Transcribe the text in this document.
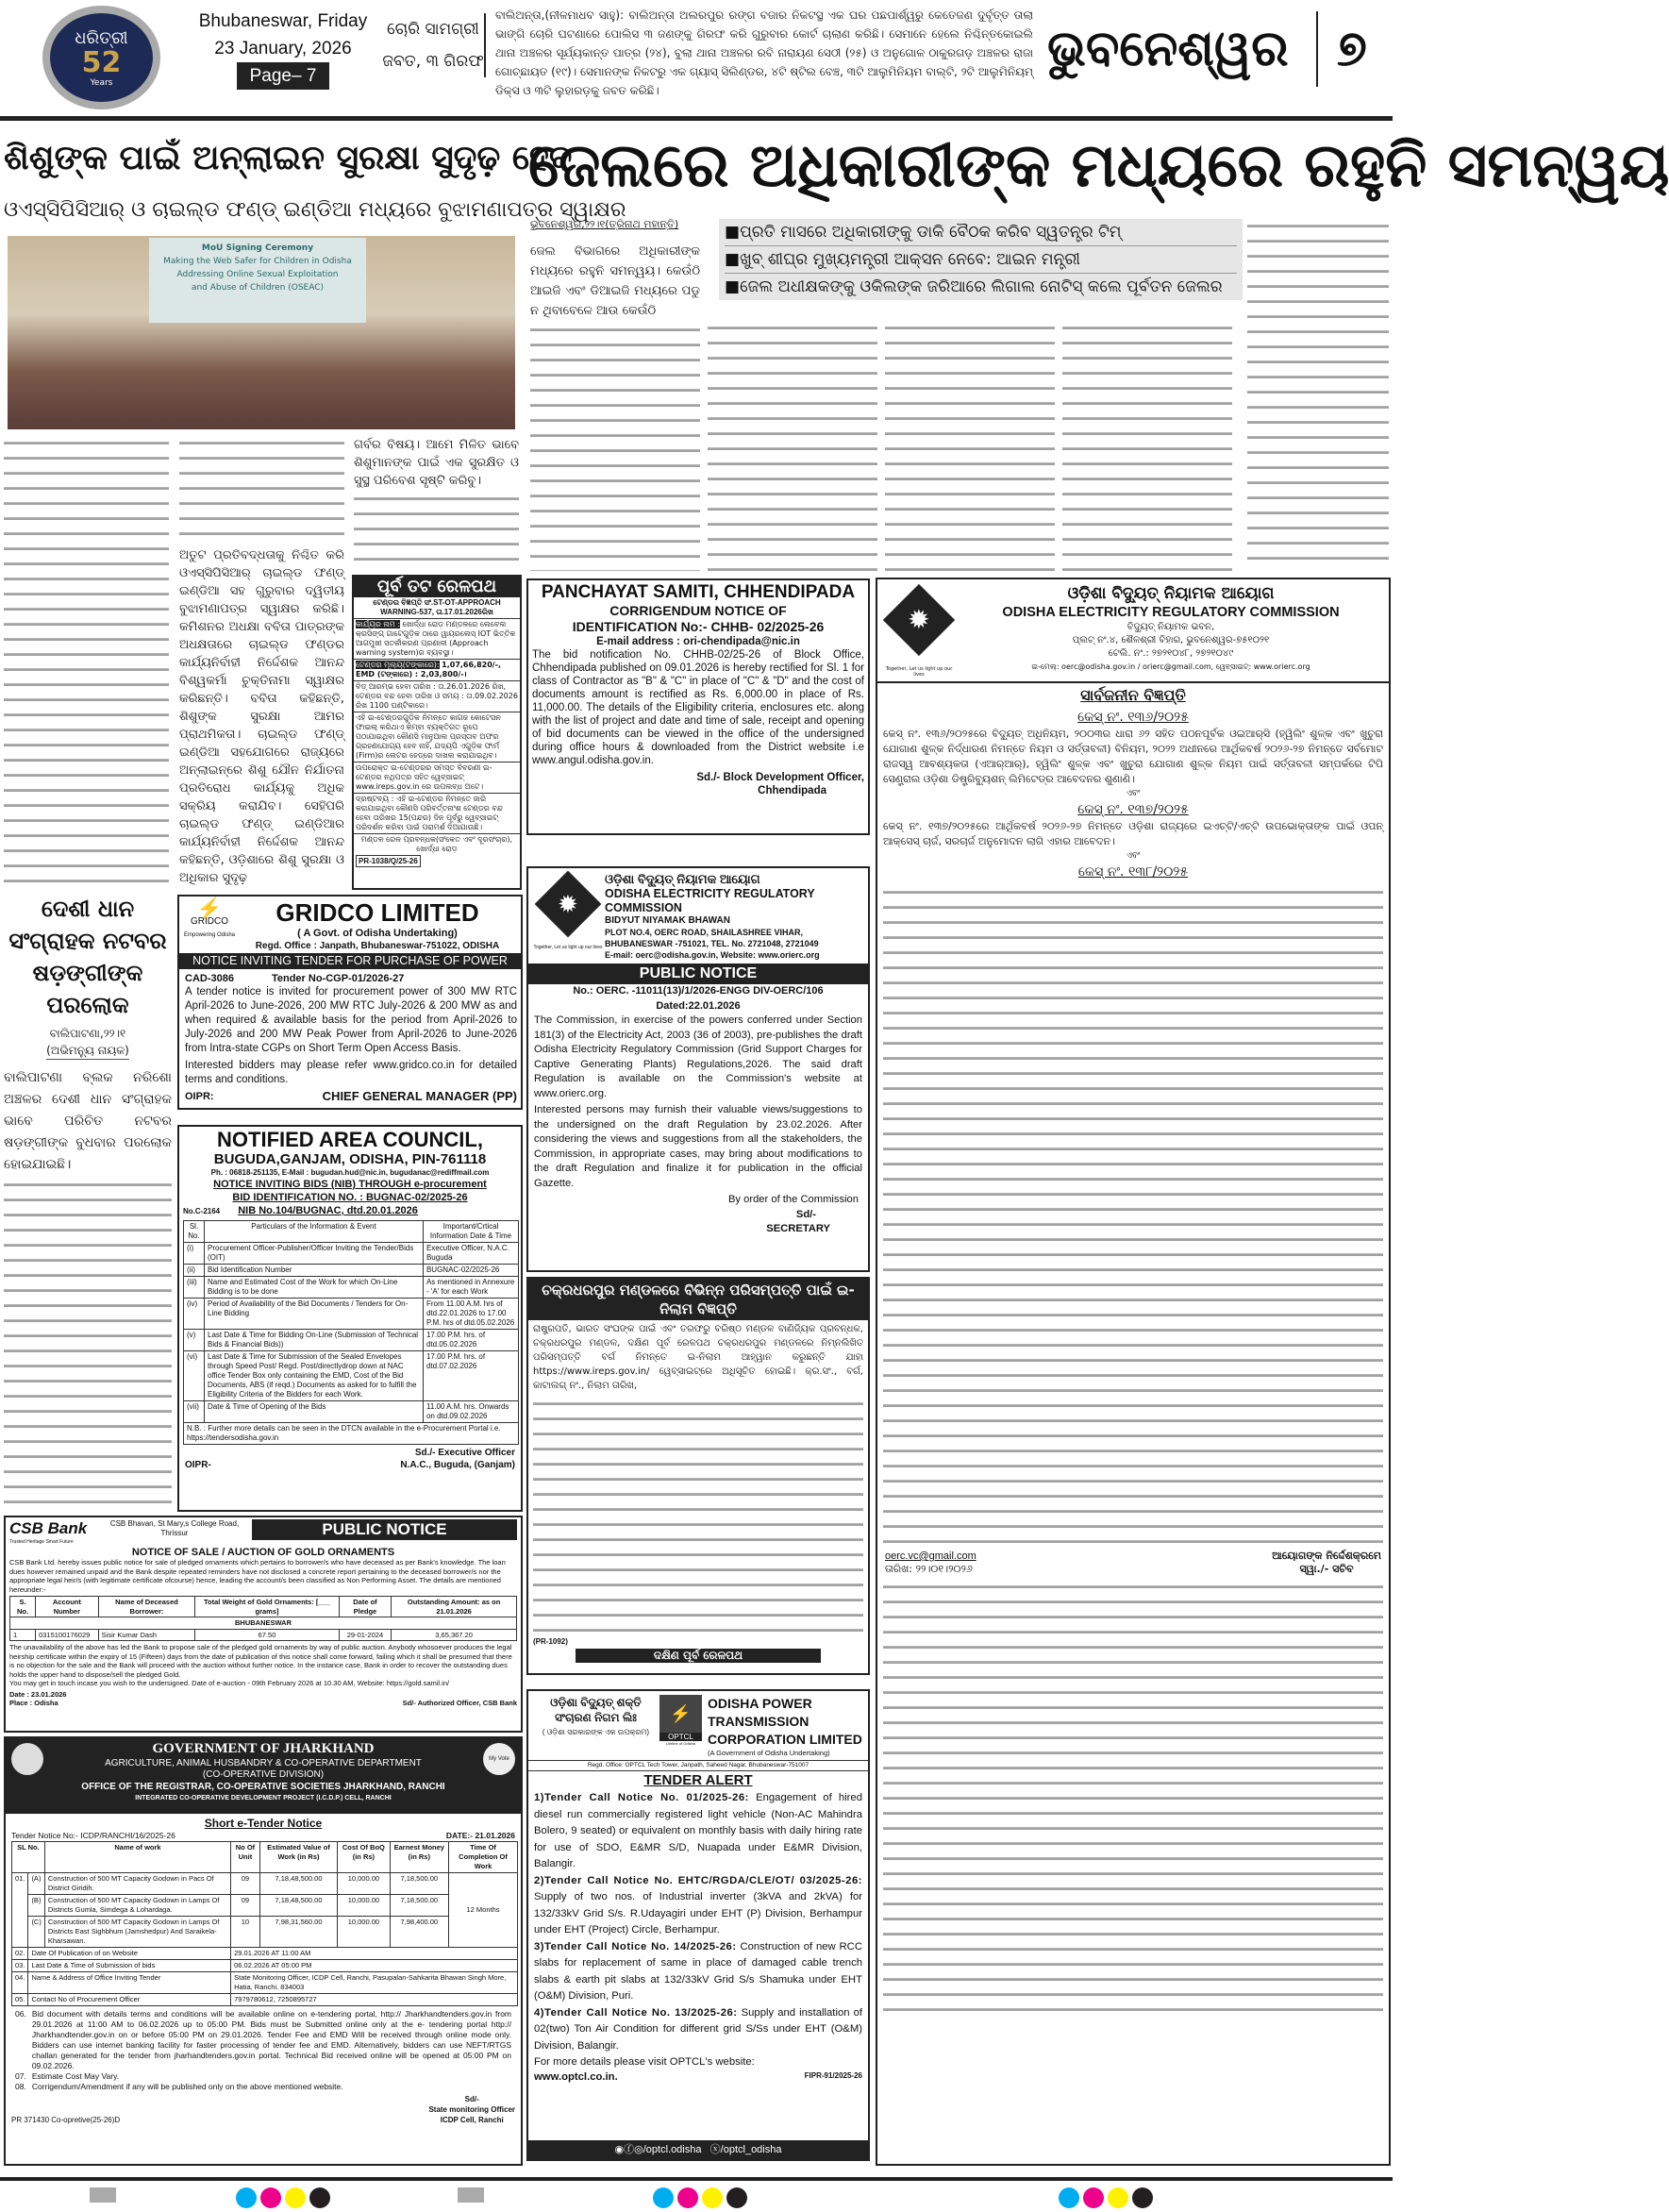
ଧରିତ୍ରୀ
52
Years
Bhubaneswar, Friday
23 January, 2026
Page– 7
ଚୋରି ସାମଗ୍ରୀ
ଜବତ, ୩ ଗିରଫ
ବାଲିଅନ୍ତା,(ନୀଳମାଧବ ସାହୁ): ବାଲିଅନ୍ତା ଅଲରପୁର ରଙ୍ଗ ବଜାର ନିକଟସ୍ଥ ଏକ ଘର ପଛପାର୍ଶ୍ୱରୁ କେତେଜଣ ଦୁର୍ବୃତ୍ତ ତାଲା ଭାଙ୍ଗି ଚୋରି ଘଟଣାରେ ପୋଲିସ ୩ ଜଣଙ୍କୁ ଗିରଫ କରି ଗୁରୁବାର କୋର୍ଟ ଚାଲାଣ କରିଛି। ସେମାନେ ହେଲେ ନିଶ୍ଚିନ୍ତକୋଇଲି ଥାନା ଅଞ୍ଚଳର ସୂର୍ଯ୍ୟକାନ୍ତ ପାତ୍ର (୨୪), ବୁଲା ଥାନା ଅଞ୍ଚଳର ରବି ନାରାୟଣ ସେଠୀ (୨୫) ଓ ଅନୁଗୋଳ ଠାକୁରଗଡ଼ ଅଞ୍ଚଳର ରାଜା ଗୋଚ୍ଛାୟତ (୧୯)। ସେମାନଙ୍କ ନିକଟରୁ ଏକ ଗ୍ୟାସ୍ ସିଲିଣ୍ଡର, ୪ଟି ଷ୍ଟିଲ ବେଞ୍ଚ, ୩ଟି ଆଲୁମିନିୟମ ବାଲ୍ଟି, ୨ଟି ଆଲୁମିନିୟମ୍ ଡିକ୍ସ ଓ ୩ଟି ଲୁହାରଡ଼କୁ ଜବତ କରିଛି।
ଭୁବନେଶ୍ୱର ୭
ଶିଶୁଙ୍କ ପାଇଁ ଅନ୍‌ଲାଇନ ସୁରକ୍ଷା ସୁଦୃଢ଼ ହେବ
ଓଏସ୍‌ସିପିସିଆର୍ ଓ ଚାଇଲ୍ଡ ଫଣ୍ଡ୍ ଇଣ୍ଡିଆ ମଧ୍ୟରେ ବୁଝାମଣାପତ୍ର ସ୍ୱାକ୍ଷର
MoU Signing Ceremony
Making the Web Safer for Children in Odisha
Addressing Online Sexual Exploitation
and Abuse of Children (OSEAC)
ଅତୁଟ ପ୍ରତିବଦ୍ଧତାକୁ ନିଶ୍ଚିତ କରି ଓଏସ୍‌ସିପିସିଆର୍ ଚାଇଲ୍ଡ ଫଣ୍ଡ୍ ଇଣ୍ଡିଆ ସହ ଗୁରୁବାର ଦ୍ୱିତୀୟ ବୁଝାମଣାପତ୍ର ସ୍ୱାକ୍ଷର କରିଛି। କମିଶନର ଅଧକ୍ଷା ବବିତା ପାତ୍ରଙ୍କ ଅଧକ୍ଷତାରେ ଚାଇଲ୍ଡ ଫଣ୍ଡର କାର୍ଯ୍ୟନିର୍ବାହୀ ନିର୍ଦ୍ଦେଶକ ଆନନ୍ଦ ବିଶ୍ୱକର୍ମା ଚୁକ୍ତିନାମା ସ୍ୱାକ୍ଷର କରିଛନ୍ତି। ବବିତା କହିଛନ୍ତି, ଶିଶୁଙ୍କ ସୁରକ୍ଷା ଆମର ପ୍ରାଥମିକତା। ଚାଇଲ୍ଡ ଫଣ୍ଡ୍ ଇଣ୍ଡିଆ ସହଯୋଗରେ ରାଜ୍ୟରେ ଅନ୍‌ଲାଇନ୍‌ରେ ଶିଶୁ ଯୌନ ନିର୍ଯାତନା ପ୍ରତିରୋଧ କାର୍ଯ୍ୟକୁ ଅଧିକ ସକ୍ରିୟ କରାଯିବ। ସେହିପରି ଚାଇଲ୍ଡ ଫଣ୍ଡ୍ ଇଣ୍ଡିଆର କାର୍ଯ୍ୟନିର୍ବାହୀ ନିର୍ଦ୍ଦେଶକ ଆନନ୍ଦ କହିଛନ୍ତି, ଓଡ଼ିଶାରେ ଶିଶୁ ସୁରକ୍ଷା ଓ ଅଧିକାର ସୁଦୃଢ଼
ଗର୍ବର ବିଷୟ। ଆମେ ମିଳିତ ଭାବେ ଶିଶୁମାନଙ୍କ ପାଇଁ ଏକ ସୁରକ୍ଷିତ ଓ ସୁସ୍ଥ ପରିବେଶ ସୃଷ୍ଟି କରିବୁ।
ପୂର୍ବ ତଟ ରେଳପଥ
ଟେଣ୍ଡର ବିଜ୍ଞପ୍ତି ସଂ.ST-OT-APPROACH WARNING-537, ତା.17.01.2026ରିଖ
କାର୍ଯ୍ୟର ନାମ : ଖୋର୍ଦ୍ଧା ରୋଡ଼ ମଣ୍ଡଳରେ ଲେବେଲ କ୍ରସିଙ୍ଗ୍ ଗାଟେଗୁଡ଼ିକ ଠାରେ ୱାୟରଲେସ୍ IOT ଭିତ୍ତିକ ଆଗମୁଖୀ ସତର୍କୀକରଣ ପ୍ରଣାଳୀ (Approach warning system)ର ବ୍ୟବସ୍ଥା।
ଟେଣ୍ଡର ମୂଲ୍ୟ(ଟଙ୍କାରେ): 1,07,66,820/-, EMD (ଟଙ୍କାରେ) : 2,03,800/-।
ବିଡ଼୍ ଆରମ୍ଭ ହେବା ତାରିଖ : ତା.26.01.2026 ରିଖ, ଟେଣ୍ଡର ବନ୍ଦ ହେବା ତାରିଖ ଓ ସମୟ : ତା.09.02.2026 ରିଖ 1100 ଘଣ୍ଟିକାରେ।
ଏହି ଇ-ଟେଣ୍ଡରଗୁଡ଼ିକ ନିମନ୍ତେ କାଗଜ କୋଟେସନ ଫାଇଲ୍ କରିଥାଏ କିମ୍ବା ବ୍ୟକ୍ତିଗତ ରୂପେ ପଠାଯାଇଥିବା କୌଣସି ମାନୁଆଲ ପ୍ରସ୍ତାବ ଅଫର ଗ୍ରହଣଯୋଗ୍ୟ ହେବ ନାହିଁ, ଯଦ୍ୟପି ଏଗୁଡ଼ିକ ଫାର୍ମ (Firm)ର ଲେଟର ହେଡ୍‌ରେ ଦାଖଲ କରାଯାଇଥିବ।
ଉପରୋକ୍ତ ଇ-ଟେଣ୍ଡରର ସମସ୍ତ ବିବରଣୀ ଇ-ଟେଣ୍ଡର ନଥିପତ୍ର ସହିତ ୱେବ୍‌ସାଇଟ୍ www.ireps.gov.in ରେ ଉପଲବ୍ଧ ଅଟେ।
ଦ୍ରଷ୍ଟବ୍ୟ : ଏହି ଇ-ଟେଣ୍ଡର ନିମନ୍ତେ ଜାରି କରାଯାଇଥିବା କୌଣସି ପରିବର୍ତ୍ତନାଂଶ ଟେଣ୍ଡର ବନ୍ଦ ହେବା ତାରିଖର 15(ପନ୍ଦର) ଦିନ ପୂର୍ବରୁ ୱେବ୍‌ସାଇଟ୍ ପରିଦର୍ଶନ କରିବା ପାଇଁ ପରାମର୍ଶ ଦିଆଯାଉଛି।
ମଣ୍ଡଳ ରେଳ ପ୍ରବନ୍ଧକ(ସଂକେତ ଏବଂ ଦୂରସଂଚାର), ଖୋର୍ଦ୍ଧା ରୋଡ଼
PR-1038/Q/25-26
ଦେଶୀ ଧାନ ସଂଗ୍ରାହକ ନଟବର ଷଡ଼ଙ୍ଗୀଙ୍କ ପରଲୋକ
ବାଲିପାଟଣା,୨୨।୧
(ଅଭିମନ୍ୟୁ ନାୟକ)
ବାଲିପାଟଣା ବ୍ଲକ ନରିଶୋ ଅଞ୍ଚଳର ଦେଶୀ ଧାନ ସଂଗ୍ରାହକ ଭାବେ ପରିଚିତ ନଟବର ଷଡ଼ଙ୍ଗୀଙ୍କ ବୁଧବାର ପରଲୋକ ହୋଇଯାଇଛି।
⚡
GRIDCO
Empowering Odisha
GRIDCO LIMITED
( A Govt. of Odisha Undertaking)
Regd. Office : Janpath, Bhubaneswar-751022, ODISHA
NOTICE INVITING TENDER FOR PURCHASE OF POWER
CAD-3086	Tender No-CGP-01/2026-27
A tender notice is invited for procurement power of 300 MW RTC April-2026 to June-2026, 200 MW RTC July-2026 & 200 MW as and when required & available basis for the period from April-2026 to July-2026 and 200 MW Peak Power from April-2026 to June-2026 from Intra-state CGPs on Short Term Open Access Basis.
Interested bidders may please refer www.gridco.co.in for detailed terms and conditions.
OIPR:	CHIEF GENERAL MANAGER (PP)
NOTIFIED AREA COUNCIL,
BUGUDA,GANJAM, ODISHA, PIN-761118
Ph. : 06818-251135, E-Mail : bugudan.hud@nic.in, bugudanac@rediffmail.com
NOTICE INVITING BIDS (NIB) THROUGH e-procurement
BID IDENTIFICATION NO. : BUGNAC-02/2025-26
No.C-2164 NIB No.104/BUGNAC, dtd.20.01.2026
Sl. No.	Particulars of the Information & Event	Important/Crtical Information Date & Time
(i)	Procurement Officer-Publisher/Officer Inviting the Tender/Bids (OIT)	Executive Officer, N.A.C. Buguda
(ii)	Bid Identification Number	BUGNAC-02/2025-26
(iii)	Name and Estimated Cost of the Work for which On-Line Bidding is to be done	As mentioned in Annexure - 'A' for each Work
(iv)	Period of Availability of the Bid Documents / Tenders for On-Line Bidding	From 11.00 A.M. hrs of dtd.22.01.2026 to 17.00 P.M. hrs of dtd.05.02.2026
(v)	Last Date & Time for Bidding On-Line (Submission of Technical Bids & Financial Bids))	17.00 P.M. hrs. of dtd.05.02.2026
(vi)	Last Date & Time for Submission of the Sealed Envelopes through Speed Post/ Regd. Post/directlydrop down at NAC office Tender Box only containing the EMD, Cost of the Bid Documents, ABS (if reqd.) Documents as asked for to fulfill the Eligibility Criteria of the Bidders for each Work.	17.00 P.M. hrs. of dtd.07.02.2026
(vii)	Date & Time of Opening of the Bids	11.00 A.M. hrs. Onwards on dtd.09.02.2026
N.B. : Further more details can be seen in the DTCN available in the e-Procurement Portal i.e. https://tendersodisha.gov.in		
OIPR-
Sd./- Executive Officer
N.A.C., Buguda, (Ganjam)
CSB Bank
Trusted Heritage Smart Future
CSB Bhavan, St Mary,s College Road, Thrissur	PUBLIC NOTICE
NOTICE OF SALE / AUCTION OF GOLD ORNAMENTS
CSB Bank Ltd. hereby issues public notice for sale of pledged ornaments which pertains to borrower/s who have deceased as per Bank's knowledge. The loan dues however remained unpaid and the Bank despite repeated reminders have not disclosed a concrete report pertaining to the deceased borrower/s nor the appropriate legal heir/s (with legitimate certificate ofcourse) hence, leading the account/s been classified as Non Performing Asset. The details are mentioned hereunder:-
S. No.	Account Number	Name of Deceased Borrower:	Total Weight of Gold Ornaments: [___ grams]	Date of Pledge	Outstanding Amount: as on 21.01.2026
BHUBANESWAR					
1	0315100176029	Sisir Kumar Dash	67.50	29-01-2024	3,65,367.20
The unavailability of the above has led the Bank to propose sale of the pledged gold ornaments by way of public auction. Anybody whosoever produces the legal heirship certificate within the expiry of 15 (Fifteen) days from the date of publication of this notice shall come forward, failing which it shall be presumed that there is no objection for the sale and the Bank will proceed with the auction without further notice. In the instance case, Bank in order to recover the outstanding dues holds the upper hand to dispose/sell the pledged Gold.
You may get in touch incase you wish to the undersigned. Date of e-auction - 09th February 2026 at 10.30 AM, Website: https://gold.samil.in/
Date : 23.01.2026
Place : Odisha	Sd/- Authorized Officer, CSB Bank
My Vote
GOVERNMENT OF JHARKHAND
AGRICULTURE, ANIMAL HUSBANDRY & CO-OPERATIVE DEPARTMENT
(CO-OPERATIVE DIVISION)
OFFICE OF THE REGISTRAR, CO-OPERATIVE SOCIETIES JHARKHAND, RANCHI
INTEGRATED CO-OPERATIVE DEVELOPMENT PROJECT (I.C.D.P.) CELL, RANCHI
Short e-Tender Notice
Tender Notice No:- ICDP/RANCHI/16/2025-26	DATE:- 21.01.2026
SL No.		Name of work	No Of Unit	Estimated Value of Work (in Rs)	Cost Of BoQ (in Rs)	Earnest Money (in Rs)	Time Of Completion Of Work
01.	(A)	Construction of 500 MT Capacity Godown in Pacs Of District Giridih.	09	7,18,48,500.00	10,000.00	7,18,500.00	12 Months
	(B)	Construction of 500 MT Capacity Godown in Lamps Of Districts Gumla, Simdega & Lohardaga.	09	7,18,48,500.00	10,000.00	7,18,500.00	
	(C)	Construction of 500 MT Capacity Godown in Lamps Of Districts East Sighbhum (Jamshedpur) And Saraikela-Kharsawan.	10	7,98,31,560.00	10,000.00	7,98,400.00	
02.	Date Of Publication of on Website		29.01.2026 AT 11:00 AM				
03.	Last Date & Time of Submission of bids		06.02.2026 AT 05:00 PM				
04.	Name & Address of Office Inviting Tender		State Monitoring Officer, ICDP Cell, Ranchi, Pasupalan-Sahkarita Bhawan Singh More, Hatia, Ranchi. 834003				
05.	Contact No of Procurement Officer		7979780612, 7250895727				
06. Bid document with details terms and conditions will be available online on e-tendering portal, http:// Jharkhandtenders.gov.in from 29.01.2026 at 11:00 AM to 06.02.2026 up to 05:00 PM. Bids must be Submitted online only at the e- tendering portal http:// Jharkhandtender.gov.in on or before 05:00 PM on 29.01.2026. Tender Fee and EMD Will be received through online mode only. Bidders can use internet banking facility for faster processing of tender fee and EMD. Alternatively, bidders can use NEFT/RTGS challan generated for the tender from jharhandtenders.gov.in portal. Technical Bid received online will be opened at 05:00 PM on 09.02.2026.
07. Estimate Cost May Vary.
08. Corrigendum/Amendment if any will be published only on the above mentioned website.
PR 371430 Co-opretive(25-26)D
Sd/-
State monitoring Officer
ICDP Cell, Ranchi
ଜେଲରେ ଅଧିକାରୀଙ୍କ ମଧ୍ୟରେ ରହୁନି ସମନ୍ୱୟ
■ପ୍ରତି ମାସରେ ଅଧିକାରୀଙ୍କୁ ଡାକି ବୈଠକ କରିବ ସ୍ୱତନ୍ତ୍ର ଟିମ୍
■ଖୁବ୍ ଶୀଘ୍ର ମୁଖ୍ୟମନ୍ତ୍ରୀ ଆକ୍ସନ ନେବେ: ଆଇନ ମନ୍ତ୍ରୀ
■ଜେଲ ଅଧୀକ୍ଷକଙ୍କୁ ଓକିଲଙ୍କ ଜରିଆରେ ଲିଗାଲ ନୋଟିସ୍ କଲେ ପୂର୍ବତନ ଜେଲର
ଭୁବନେଶ୍ୱର,୨୨।୧(ତ୍ରିନାଥ ମହାନ୍ତି)
ଜେଲ ବିଭାଗରେ ଅଧିକାରୀଙ୍କ ମଧ୍ୟରେ ରହୁନି ସମନ୍ୱୟ। କେଉଁଠି ଆଇଜି ଏବଂ ଡିଆଇଜି ମଧ୍ୟରେ ପଡୁ ନ ଥିବାବେଳେ ଆଉ କେଉଁଠି
PANCHAYAT SAMITI, CHHENDIPADA
CORRIGENDUM NOTICE OF
IDENTIFICATION No:- CHHB- 02/2025-26
E-mail address : ori-chendipada@nic.in
The bid notification No. CHHB-02/25-26 of Block Office, Chhendipada published on 09.01.2026 is hereby rectified for Sl. 1 for class of Contractor as "B" & "C" in place of "C" & "D" and the cost of documents amount is rectified as Rs. 6,000.00 in place of Rs. 11,000.00. The details of the Eligibility criteria, enclosures etc. along with the list of project and date and time of sale, receipt and opening of bid documents can be viewed in the office of the undersigned during office hours & downloaded from the District website i.e www.angul.odisha.gov.in.
Sd./- Block Development Officer,
Chhendipada
✹
Together, Let us light up our lives
ଓଡ଼ିଶା ବିଦ୍ୟୁତ୍ ନିୟାମକ ଆୟୋଗ
ODISHA ELECTRICITY REGULATORY COMMISSION
BIDYUT NIYAMAK BHAWAN
PLOT NO.4, OERC ROAD, SHAILASHREE VIHAR,
BHUBANESWAR -751021, TEL. No. 2721048, 2721049
E-mail: oerc@odisha.gov.in, Website: www.orierc.org
PUBLIC NOTICE
No.: OERC. -11011(13)/1/2026-ENGG DIV-OERC/106
Dated:22.01.2026
The Commission, in exercise of the powers conferred under Section 181(3) of the Electricity Act, 2003 (36 of 2003), pre-publishes the draft Odisha Electricity Regulatory Commission (Grid Support Charges for Captive Generating Plants) Regulations,2026. The said draft Regulation is available on the Commission's website at www.orierc.org.
Interested persons may furnish their valuable views/suggestions to the undersigned on the draft Regulation by 23.02.2026. After considering the views and suggestions from all the stakeholders, the Commission, in appropriate cases, may bring about modifications to the draft Regulation and finalize it for publication in the official Gazette.
By order of the Commission
Sd/-
SECRETARY
ଚକ୍ରଧରପୁର ମଣ୍ଡଳରେ ବିଭିନ୍ନ ପରିସମ୍ପତ୍ତି ପାଇଁ ଇ-ନିଲାମ ବିଜ୍ଞପ୍ତି
ରାଷ୍ଟ୍ରପତି, ଭାରତ ସଂଘଙ୍କ ପାଇଁ ଏବଂ ତରଫରୁ ବରିଷ୍ଠ ମଣ୍ଡଳ ବାଣିଜ୍ୟିକ ପ୍ରବନ୍ଧକ, ଚକ୍ରଧରପୁର ମଣ୍ଡଳ, ଦକ୍ଷିଣ ପୂର୍ବ ରେଳପଥ ଚକ୍ରଧରପୁର ମଣ୍ଡଳରେ ନିମ୍ନଲିଖିତ ପରିସମ୍ପତ୍ତି ବର୍ଗ ନିମନ୍ତେ ଇ-ନିଲାମ ଆହ୍ୱାନ କରୁଛନ୍ତି ଯାହା https://www.ireps.gov.in/ ୱେବ୍‌ସାଇଟ୍‌ରେ ଅଧିସୂଚିତ ହୋଇଛି। କ୍ର.ସଂ., ବର୍ଗ, କାଟାଲଗ୍ ନଂ., ନିଲାମ ତାରିଖ,
(PR-1092)
ଦକ୍ଷିଣ ପୂର୍ବ ରେଳପଥ
ଓଡ଼ିଶା ବିଦ୍ୟୁତ୍ ଶକ୍ତି ସଂଚାରଣ ନିଗମ ଲିଃ
( ଓଡ଼ିଶା ସରକାରଙ୍କ ଏକ ଉପକ୍ରମ)
⚡
OPTCL
Lifeline of Odisha
ODISHA POWER TRANSMISSION CORPORATION LIMITED
(A Government of Odisha Undertaking)
Regd. Office: OPTCL Tech Tower, Janpath, Saheed Nagar, Bhubaneswar-751007
TENDER ALERT
1)Tender Call Notice No. 01/2025-26: Engagement of hired diesel run commercially registered light vehicle (Non-AC Mahindra Bolero, 9 seated) or equivalent on monthly basis with daily hiring rate for use of SDO, E&MR S/D, Nuapada under E&MR Division, Balangir.
2)Tender Call Notice No. EHTC/RGDA/CLE/OT/ 03/2025-26: Supply of two nos. of Industrial inverter (3kVA and 2kVA) for 132/33kV Grid S/s. R.Udayagiri under EHT (P) Division, Berhampur under EHT (Project) Circle, Berhampur.
3)Tender Call Notice No. 14/2025-26: Construction of new RCC slabs for replacement of same in place of damaged cable trench slabs & earth pit slabs at 132/33kV Grid S/s Shamuka under EHT (O&M) Division, Puri.
4)Tender Call Notice No. 13/2025-26: Supply and installation of 02(two) Ton Air Condition for different grid S/Ss under EHT (O&M) Division, Balangir.
For more details please visit OPTCL's website:
www.optcl.co.in.	FIPR-91/2025-26
◉ⓕ◎/optcl.odisha ⓧ/optcl_odisha
✹
Together, Let us light up our lives
ଓଡ଼ିଶା ବିଦ୍ୟୁତ୍ ନିୟାମକ ଆୟୋଗ
ODISHA ELECTRICITY REGULATORY COMMISSION
ବିଦ୍ୟୁତ୍ ନିୟାମକ ଭବନ,
ପ୍ଲଟ୍ ନଂ.୪, ଶୈଳଶ୍ରୀ ବିହାର, ଭୁବନେଶ୍ୱର-୭୫୧୦୨୧
ଟେଲି. ନଂ.: ୨୭୨୧୦୪୮, ୨୭୨୧୦୪୯
ଇ-ମେଲ୍: oerc@odisha.gov.in / orierc@gmail.com, ୱେବ୍‌ସାଇଟ୍: www.orierc.org
ସାର୍ବଜନୀନ ବିଜ୍ଞପ୍ତି
କେସ୍ ନଂ. ୧୩୬/୨୦୨୫
କେସ୍ ନଂ. ୧୩୬/୨୦୨୫ରେ ବିଦ୍ୟୁତ୍ ଅଧିନିୟମ, ୨୦୦୩ର ଧାରା ୬୨ ସହିତ ପଠନପୂର୍ବକ ଓଇଆର୍‌ସି (ହ୍ୱିଲିଂ ଶୁଳ୍କ ଏବଂ ଖୁଚୁରା ଯୋଗାଣ ଶୁଳ୍କ ନିର୍ଦ୍ଧାରଣ ନିମନ୍ତେ ନିୟମ ଓ ସର୍ତ୍ତାବଳୀ) ବିନିୟମ, ୨୦୨୨ ଅଧୀନରେ ଆର୍ଥିକବର୍ଷ ୨୦୨୬-୨୭ ନିମନ୍ତେ ସର୍ବମୋଟ ରାଜସ୍ୱ ଆବଶ୍ୟକତା (ଏଆର୍‌ଆର୍), ହ୍ୱିଲିଂ ଶୁଳ୍କ ଏବଂ ଖୁଚୁରା ଯୋଗାଣ ଶୁଳ୍କ ନିୟମ ପାଇଁ ସର୍ତ୍ତାବଳୀ ସମ୍ପର୍କରେ ଟିପି ସେଣ୍ଟ୍ରାଲ ଓଡ଼ିଶା ଡିଷ୍ଟ୍ରିବ୍ୟୁଶନ୍ ଲିମିଟେଡ୍‌ର ଆବେଦନର ଶୁଣାଣି।
ଏବଂ
କେସ୍ ନଂ. ୧୩୭/୨୦୨୫
କେସ୍ ନଂ. ୧୩୭/୨୦୨୫ରେ ଆର୍ଥିକବର୍ଷ ୨୦୨୬-୨୭ ନିମନ୍ତେ ଓଡ଼ିଶା ରାଜ୍ୟରେ ଇଏଚ୍‌ଟି/ଏଚ୍‌ଟି ଉପଭୋକ୍ତାଙ୍କ ପାଇଁ ଓପନ୍ ଆକ୍ସେସ୍ ଚାର୍ଜ, ସରଚାର୍ଜ ଅନୁମୋଦନ ଲାଗି ଏହାର ଆବେଦନ।
ଏବଂ
କେସ୍ ନଂ. ୧୩୮/୨୦୨୫
oerc.vc@gmail.com
ତାରିଖ: ୨୨।୦୧।୨୦୨୬
ଆୟୋଗଙ୍କ ନିର୍ଦ୍ଦେଶକ୍ରମେ
ସ୍ୱା./- ସଚିବ
